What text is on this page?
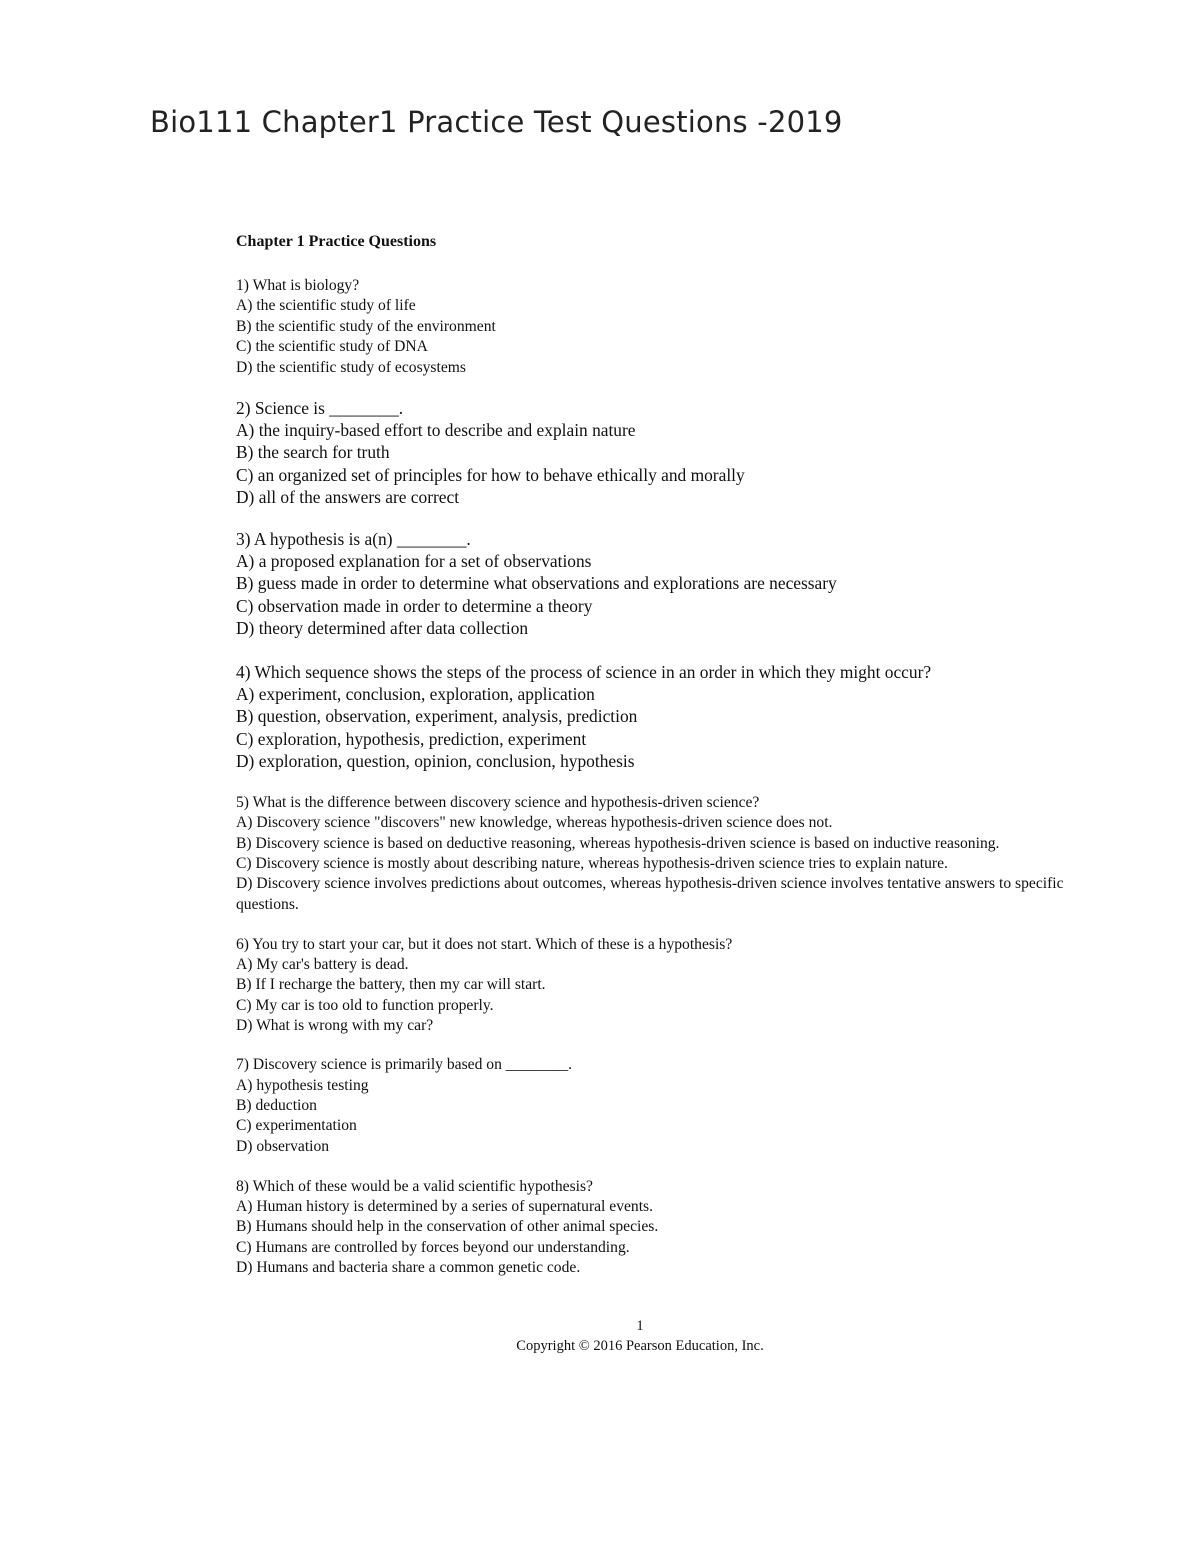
Bio111 Chapter1 Practice Test Questions -2019

Chapter 1 Practice Questions

1) What is biology?
A) the scientific study of life
B) the scientific study of the environment
C) the scientific study of DNA
D) the scientific study of ecosystems
2) Science is ________.
A) the inquiry-based effort to describe and explain nature
B) the search for truth
C) an organized set of principles for how to behave ethically and morally
D) all of the answers are correct
3) A hypothesis is a(n) ________.
A) a proposed explanation for a set of observations
B) guess made in order to determine what observations and explorations are necessary
C) observation made in order to determine a theory
D) theory determined after data collection
4) Which sequence shows the steps of the process of science in an order in which they might occur?
A) experiment, conclusion, exploration, application
B) question, observation, experiment, analysis, prediction
C) exploration, hypothesis, prediction, experiment
D) exploration, question, opinion, conclusion, hypothesis
5) What is the difference between discovery science and hypothesis-driven science?
A) Discovery science "discovers" new knowledge, whereas hypothesis-driven science does not.
B) Discovery science is based on deductive reasoning, whereas hypothesis-driven science is based on inductive reasoning.
C) Discovery science is mostly about describing nature, whereas hypothesis-driven science tries to explain nature.
D) Discovery science involves predictions about outcomes, whereas hypothesis-driven science involves tentative answers to specific questions.
6) You try to start your car, but it does not start. Which of these is a hypothesis?
A) My car's battery is dead.
B) If I recharge the battery, then my car will start.
C) My car is too old to function properly.
D) What is wrong with my car?
7) Discovery science is primarily based on ________.
A) hypothesis testing
B) deduction
C) experimentation
D) observation
8) Which of these would be a valid scientific hypothesis?
A) Human history is determined by a series of supernatural events.
B) Humans should help in the conservation of other animal species.
C) Humans are controlled by forces beyond our understanding.
D) Humans and bacteria share a common genetic code.
1
Copyright © 2016 Pearson Education, Inc.
